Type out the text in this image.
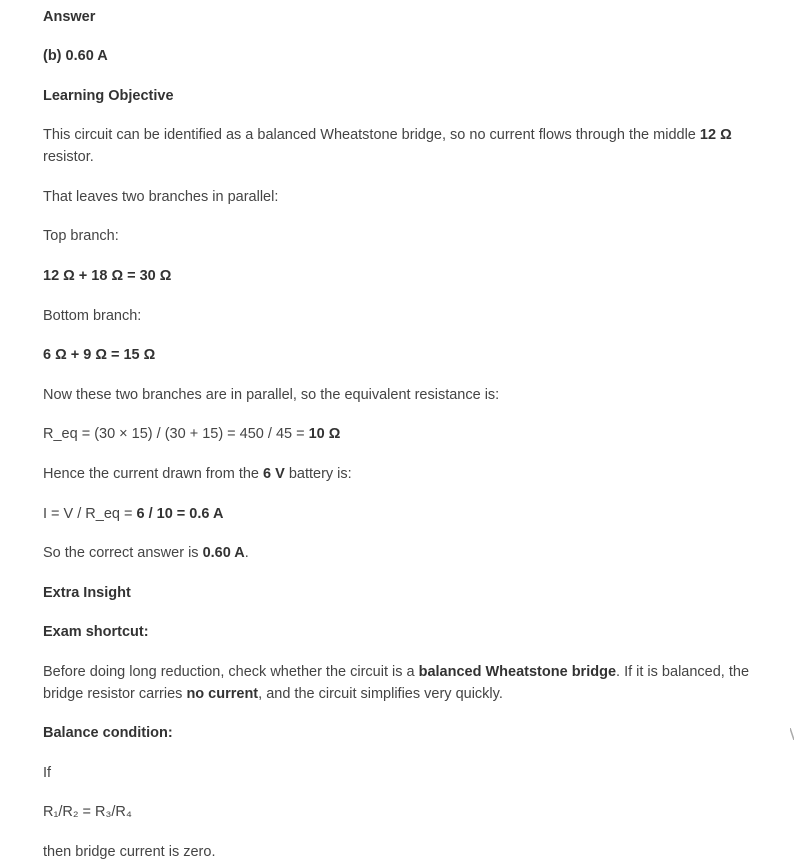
Answer
(b) 0.60 A
Learning Objective
This circuit can be identified as a balanced Wheatstone bridge, so no current flows through the middle 12 Ω
resistor.
That leaves two branches in parallel:
Top branch:
12 Ω + 18 Ω = 30 Ω
Bottom branch:
6 Ω + 9 Ω = 15 Ω
Now these two branches are in parallel, so the equivalent resistance is:
R_eq = (30 × 15) / (30 + 15) = 450 / 45 = 10 Ω
Hence the current drawn from the 6 V battery is:
I = V / R_eq = 6 / 10 = 0.6 A
So the correct answer is 0.60 A.
Extra Insight
Exam shortcut:
Before doing long reduction, check whether the circuit is a balanced Wheatstone bridge. If it is balanced, the
bridge resistor carries no current, and the circuit simplifies very quickly.
Balance condition:
If
R₁/R₂ = R₃/R₄
then bridge current is zero.
